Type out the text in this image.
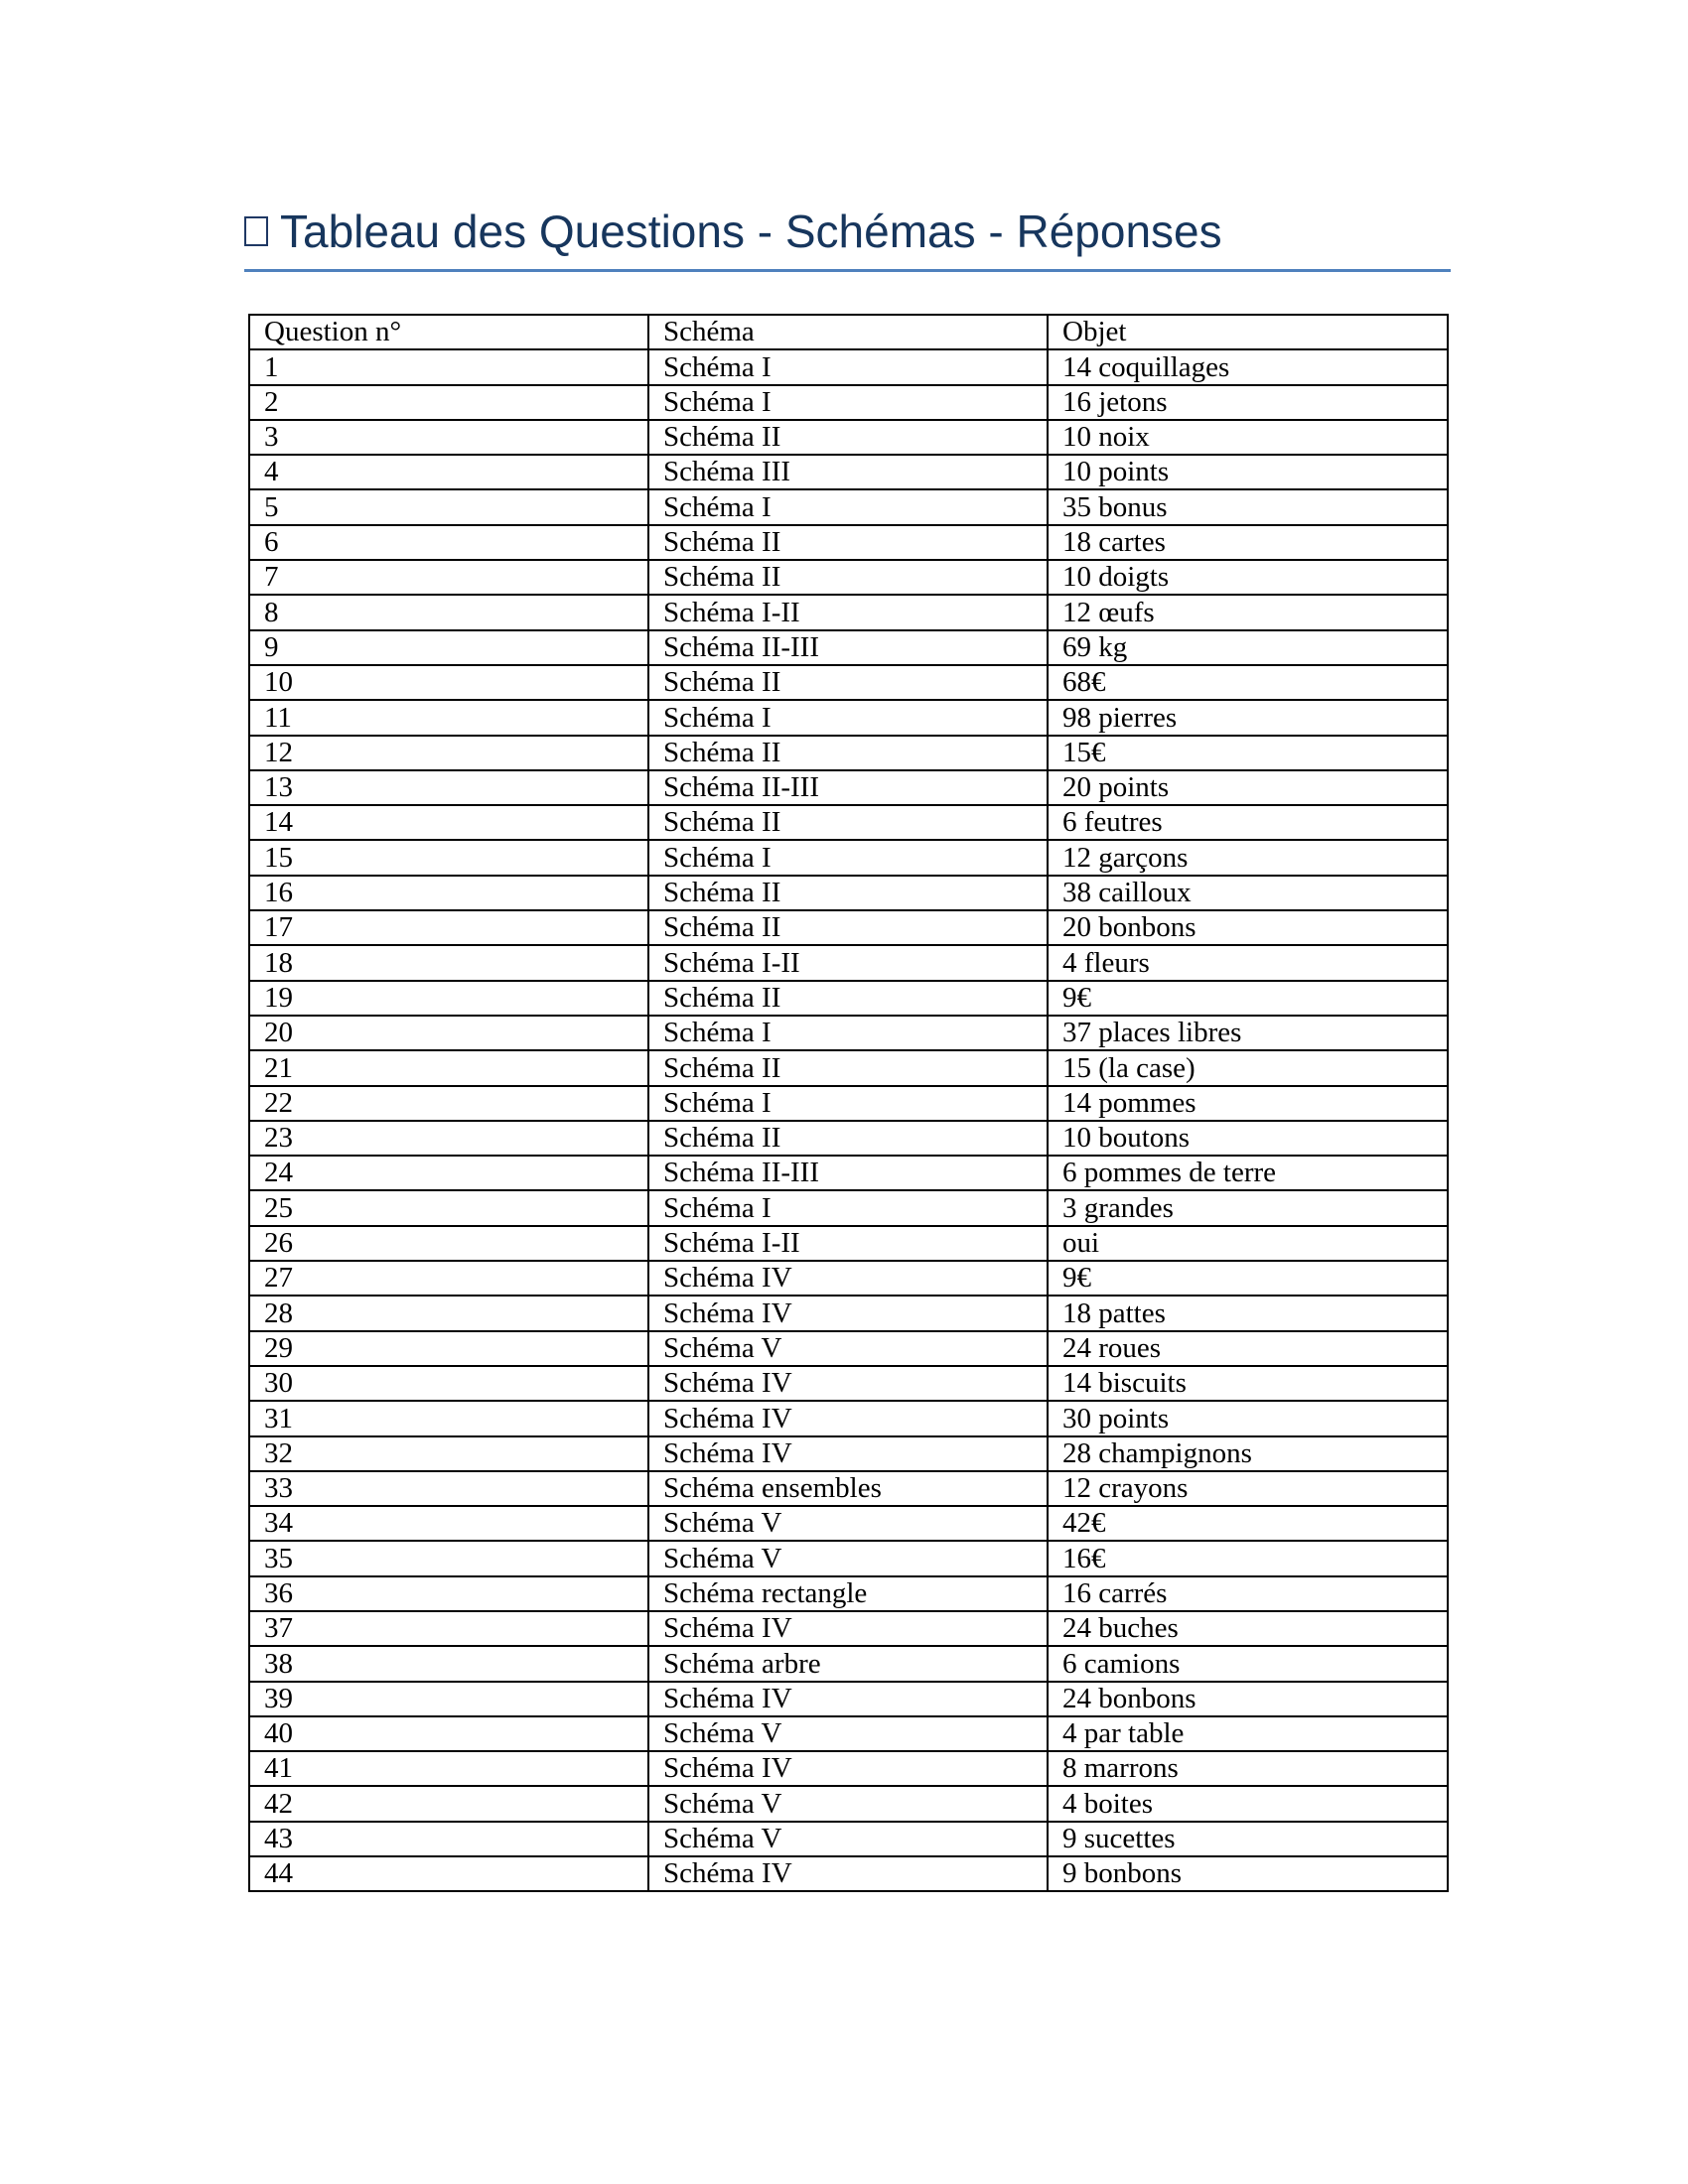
Tableau des Questions - Schémas - Réponses
Question n°	Schéma	Objet
1	Schéma I	14 coquillages
2	Schéma I	16 jetons
3	Schéma II	10 noix
4	Schéma III	10 points
5	Schéma I	35 bonus
6	Schéma II	18 cartes
7	Schéma II	10 doigts
8	Schéma I-II	12 œufs
9	Schéma II-III	69 kg
10	Schéma II	68€
11	Schéma I	98 pierres
12	Schéma II	15€
13	Schéma II-III	20 points
14	Schéma II	6 feutres
15	Schéma I	12 garçons
16	Schéma II	38 cailloux
17	Schéma II	20 bonbons
18	Schéma I-II	4 fleurs
19	Schéma II	9€
20	Schéma I	37 places libres
21	Schéma II	15 (la case)
22	Schéma I	14 pommes
23	Schéma II	10 boutons
24	Schéma II-III	6 pommes de terre
25	Schéma I	3 grandes
26	Schéma I-II	oui
27	Schéma IV	9€
28	Schéma IV	18 pattes
29	Schéma V	24 roues
30	Schéma IV	14 biscuits
31	Schéma IV	30 points
32	Schéma IV	28 champignons
33	Schéma ensembles	12 crayons
34	Schéma V	42€
35	Schéma V	16€
36	Schéma rectangle	16 carrés
37	Schéma IV	24 buches
38	Schéma arbre	6 camions
39	Schéma IV	24 bonbons
40	Schéma V	4 par table
41	Schéma IV	8 marrons
42	Schéma V	4 boites
43	Schéma V	9 sucettes
44	Schéma IV	9 bonbons
